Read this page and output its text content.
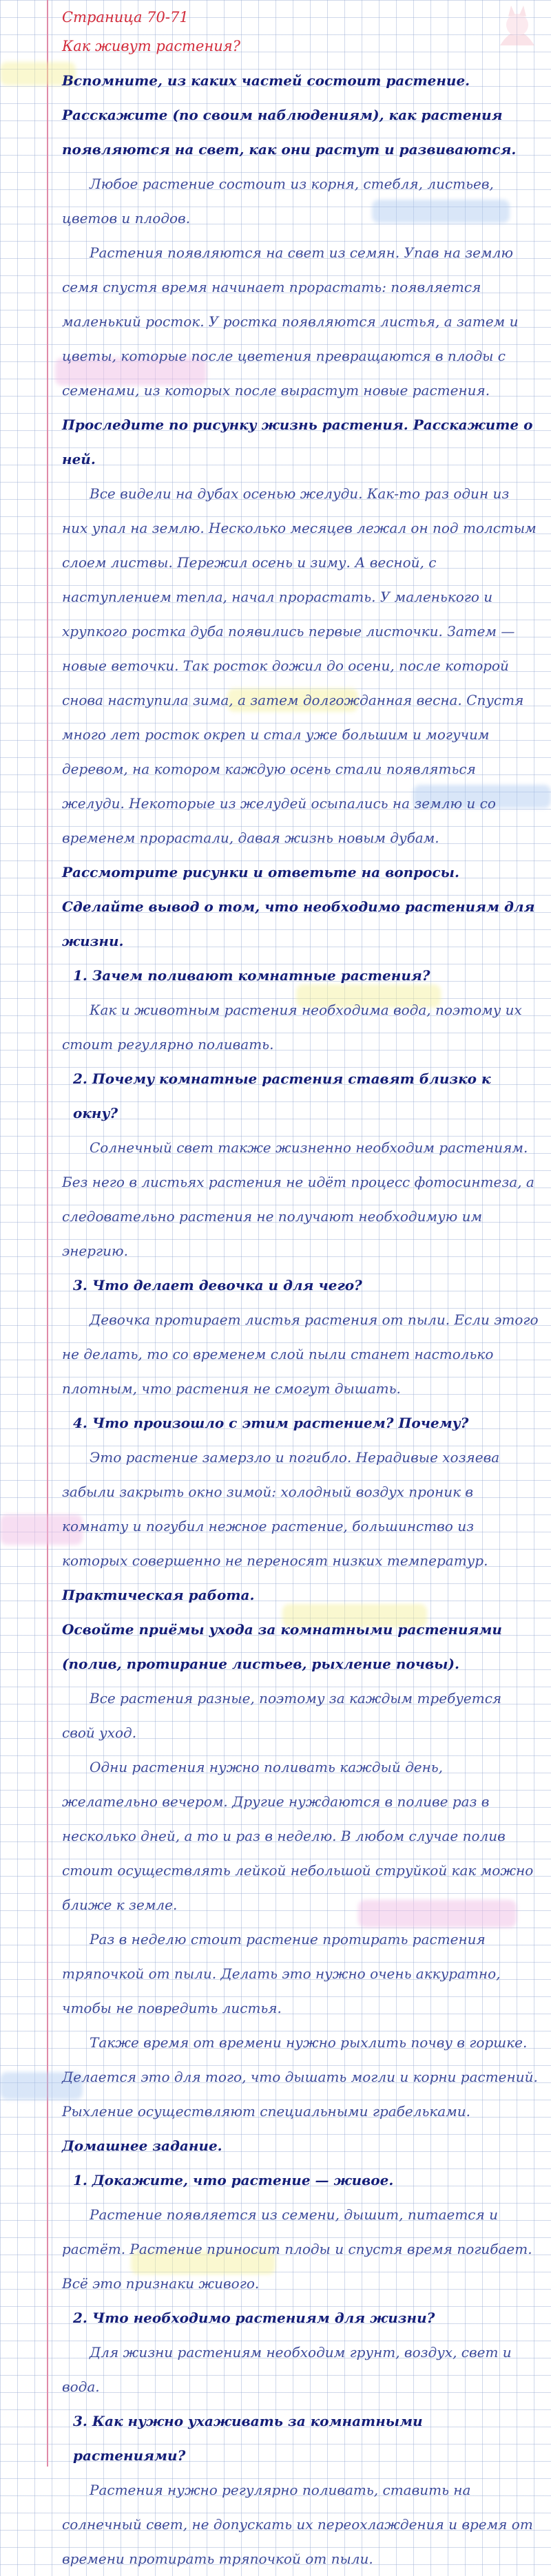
Страница 70-71
Как живут растения?
Вспомните, из каких частей состоит растение. Расскажите (по своим наблюдениям), как растения появляются на свет, как они растут и развиваются.
Любое растение состоит из корня, стебля, листьев, цветов и плодов.
Растения появляются на свет из семян. Упав на землю семя спустя время начинает прорастать: появляется маленький росток. У ростка появляются листья, а затем и цветы, которые после цветения превращаются в плоды с семенами, из которых после вырастут новые растения.
Проследите по рисунку жизнь растения. Расскажите о ней.
Все видели на дубах осенью желуди. Как-то раз один из них упал на землю. Несколько месяцев лежал он под толстым слоем листвы. Пережил осень и зиму. А весной, с наступлением тепла, начал прорастать. У маленького и хрупкого ростка дуба появились первые листочки. Затем — новые веточки. Так росток дожил до осени, после которой снова наступила зима, а затем долгожданная весна. Спустя много лет росток окреп и стал уже большим и могучим деревом, на котором каждую осень стали появляться желуди. Некоторые из желудей осыпались на землю и со временем прорастали, давая жизнь новым дубам.
Рассмотрите рисунки и ответьте на вопросы. Сделайте вывод о том, что необходимо растениям для жизни.
1. Зачем поливают комнатные растения?
Как и животным растения необходима вода, поэтому их стоит регулярно поливать.
2. Почему комнатные растения ставят близко к окну?
Солнечный свет также жизненно необходим растениям. Без него в листьях растения не идёт процесс фотосинтеза, а следовательно растения не получают необходимую им энергию.
3. Что делает девочка и для чего?
Девочка протирает листья растения от пыли. Если этого не делать, то со временем слой пыли станет настолько плотным, что растения не смогут дышать.
4. Что произошло с этим растением? Почему?
Это растение замерзло и погибло. Нерадивые хозяева забыли закрыть окно зимой: холодный воздух проник в комнату и погубил нежное растение, большинство из которых совершенно не переносят низких температур.
Практическая работа.
Освойте приёмы ухода за комнатными растениями (полив, протирание листьев, рыхление почвы).
Все растения разные, поэтому за каждым требуется свой уход.
Одни растения нужно поливать каждый день, желательно вечером. Другие нуждаются в поливе раз в несколько дней, а то и раз в неделю. В любом случае полив стоит осуществлять лейкой небольшой струйкой как можно ближе к земле.
Раз в неделю стоит растение протирать растения тряпочкой от пыли. Делать это нужно очень аккуратно, чтобы не повредить листья.
Также время от времени нужно рыхлить почву в горшке. Делается это для того, что дышать могли и корни растений. Рыхление осуществляют специальными грабельками.
Домашнее задание.
1. Докажите, что растение — живое.
Растение появляется из семени, дышит, питается и растёт. Растение приносит плоды и спустя время погибает. Всё это признаки живого.
2. Что необходимо растениям для жизни?
Для жизни растениям необходим грунт, воздух, свет и вода.
3. Как нужно ухаживать за комнатными растениями?
Растения нужно регулярно поливать, ставить на солнечный свет, не допускать их переохлаждения и время от времени протирать тряпочкой от пыли.
